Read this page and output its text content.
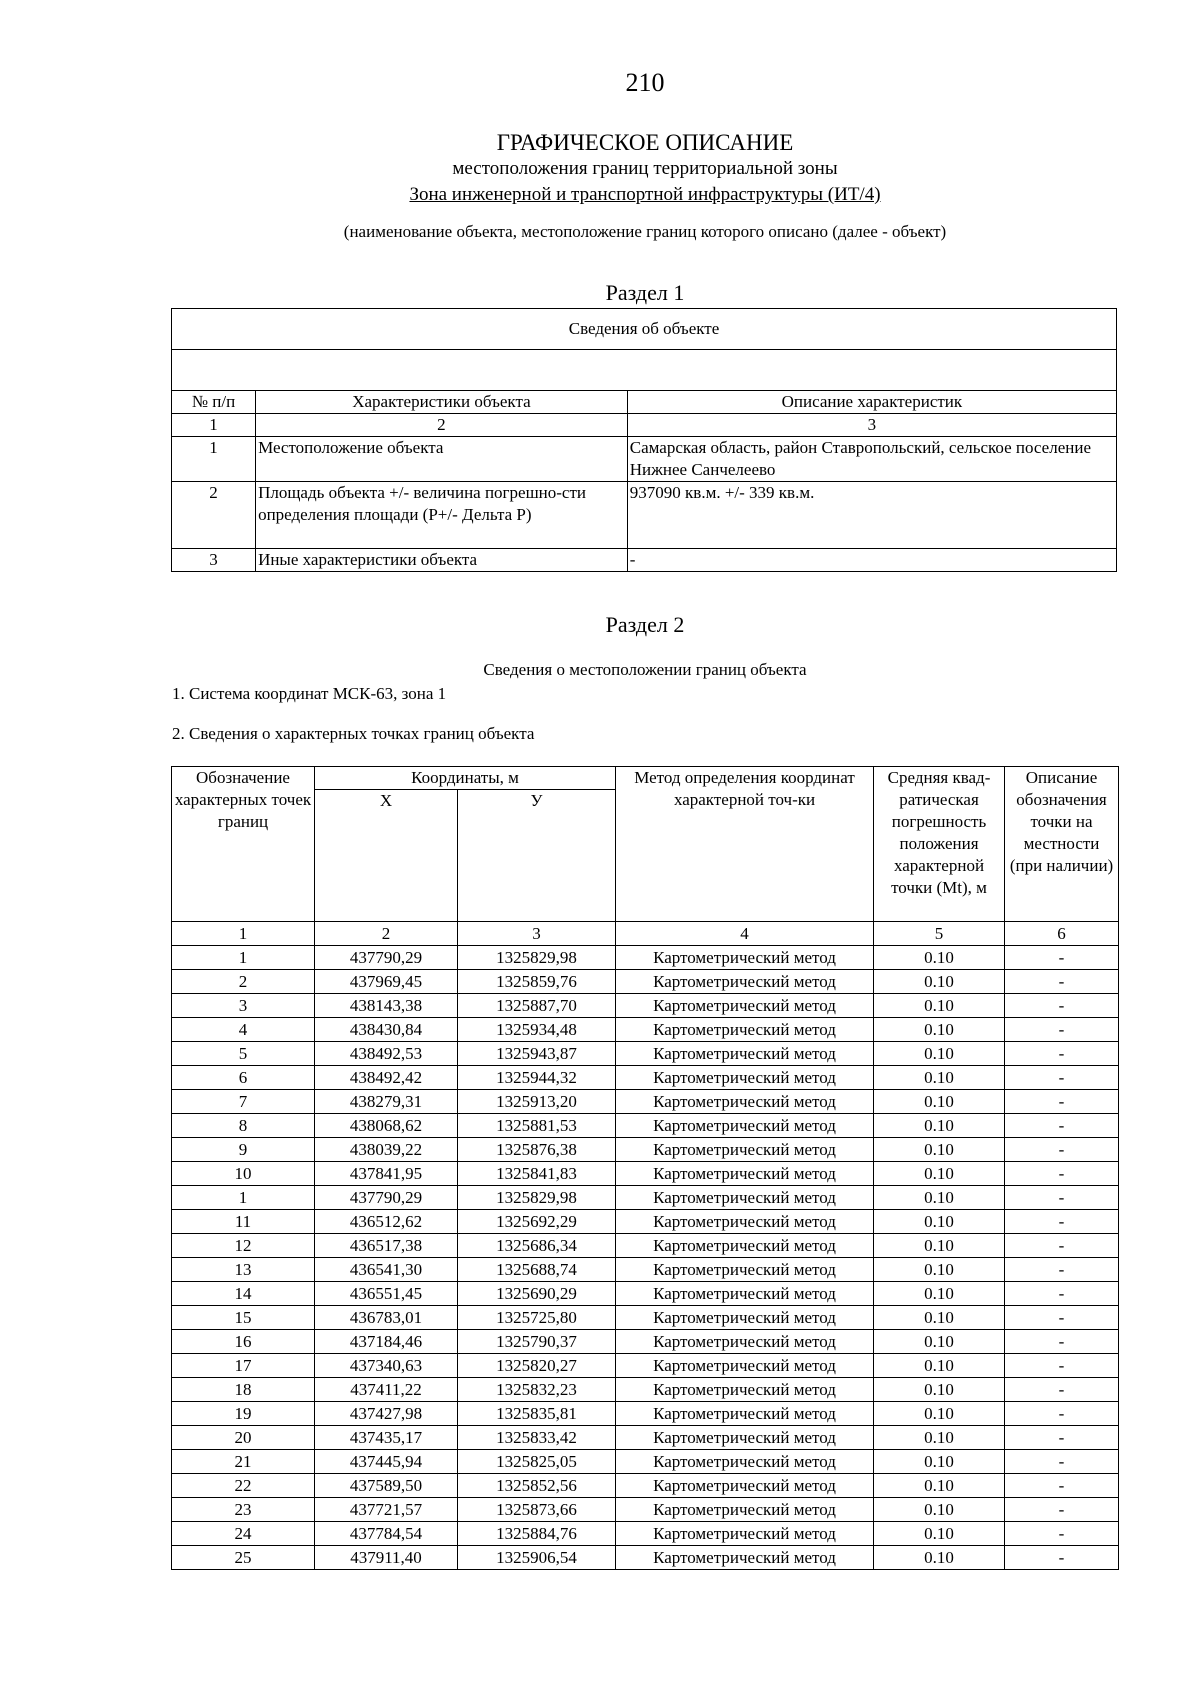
210
ГРАФИЧЕСКОЕ ОПИСАНИЕ
местоположения границ территориальной зоны
Зона инженерной и транспортной инфраструктуры (ИТ/4)
(наименование объекта, местоположение границ которого описано (далее - объект)
Раздел 1
Сведения об объекте		

№ п/п	Характеристики объекта	Описание характеристик
1	2	3
1	Местоположение объекта	Самарская область, район Ставропольский, сельское поселение Нижнее Санчелеево
2	Площадь объекта +/- величина погрешно-сти определения площади (Р+/- Дельта Р)	937090 кв.м. +/- 339 кв.м.
3	Иные характеристики объекта	-
Раздел 2
Сведения о местоположении границ объекта
1. Система координат МСК-63, зона 1
2. Сведения о характерных точках границ объекта
Обозначение характерных точек границ	Координаты, м		Метод определения координат характерной точ-ки	Средняя квад-ратическая погрешность положения характерной точки (Mt), м	Описание обозначения точки на местности (при наличии)
	Х	У			
1	2	3	4	5	6
1	437790,29	1325829,98	Картометрический метод	0.10	-
2	437969,45	1325859,76	Картометрический метод	0.10	-
3	438143,38	1325887,70	Картометрический метод	0.10	-
4	438430,84	1325934,48	Картометрический метод	0.10	-
5	438492,53	1325943,87	Картометрический метод	0.10	-
6	438492,42	1325944,32	Картометрический метод	0.10	-
7	438279,31	1325913,20	Картометрический метод	0.10	-
8	438068,62	1325881,53	Картометрический метод	0.10	-
9	438039,22	1325876,38	Картометрический метод	0.10	-
10	437841,95	1325841,83	Картометрический метод	0.10	-
1	437790,29	1325829,98	Картометрический метод	0.10	-
11	436512,62	1325692,29	Картометрический метод	0.10	-
12	436517,38	1325686,34	Картометрический метод	0.10	-
13	436541,30	1325688,74	Картометрический метод	0.10	-
14	436551,45	1325690,29	Картометрический метод	0.10	-
15	436783,01	1325725,80	Картометрический метод	0.10	-
16	437184,46	1325790,37	Картометрический метод	0.10	-
17	437340,63	1325820,27	Картометрический метод	0.10	-
18	437411,22	1325832,23	Картометрический метод	0.10	-
19	437427,98	1325835,81	Картометрический метод	0.10	-
20	437435,17	1325833,42	Картометрический метод	0.10	-
21	437445,94	1325825,05	Картометрический метод	0.10	-
22	437589,50	1325852,56	Картометрический метод	0.10	-
23	437721,57	1325873,66	Картометрический метод	0.10	-
24	437784,54	1325884,76	Картометрический метод	0.10	-
25	437911,40	1325906,54	Картометрический метод	0.10	-
